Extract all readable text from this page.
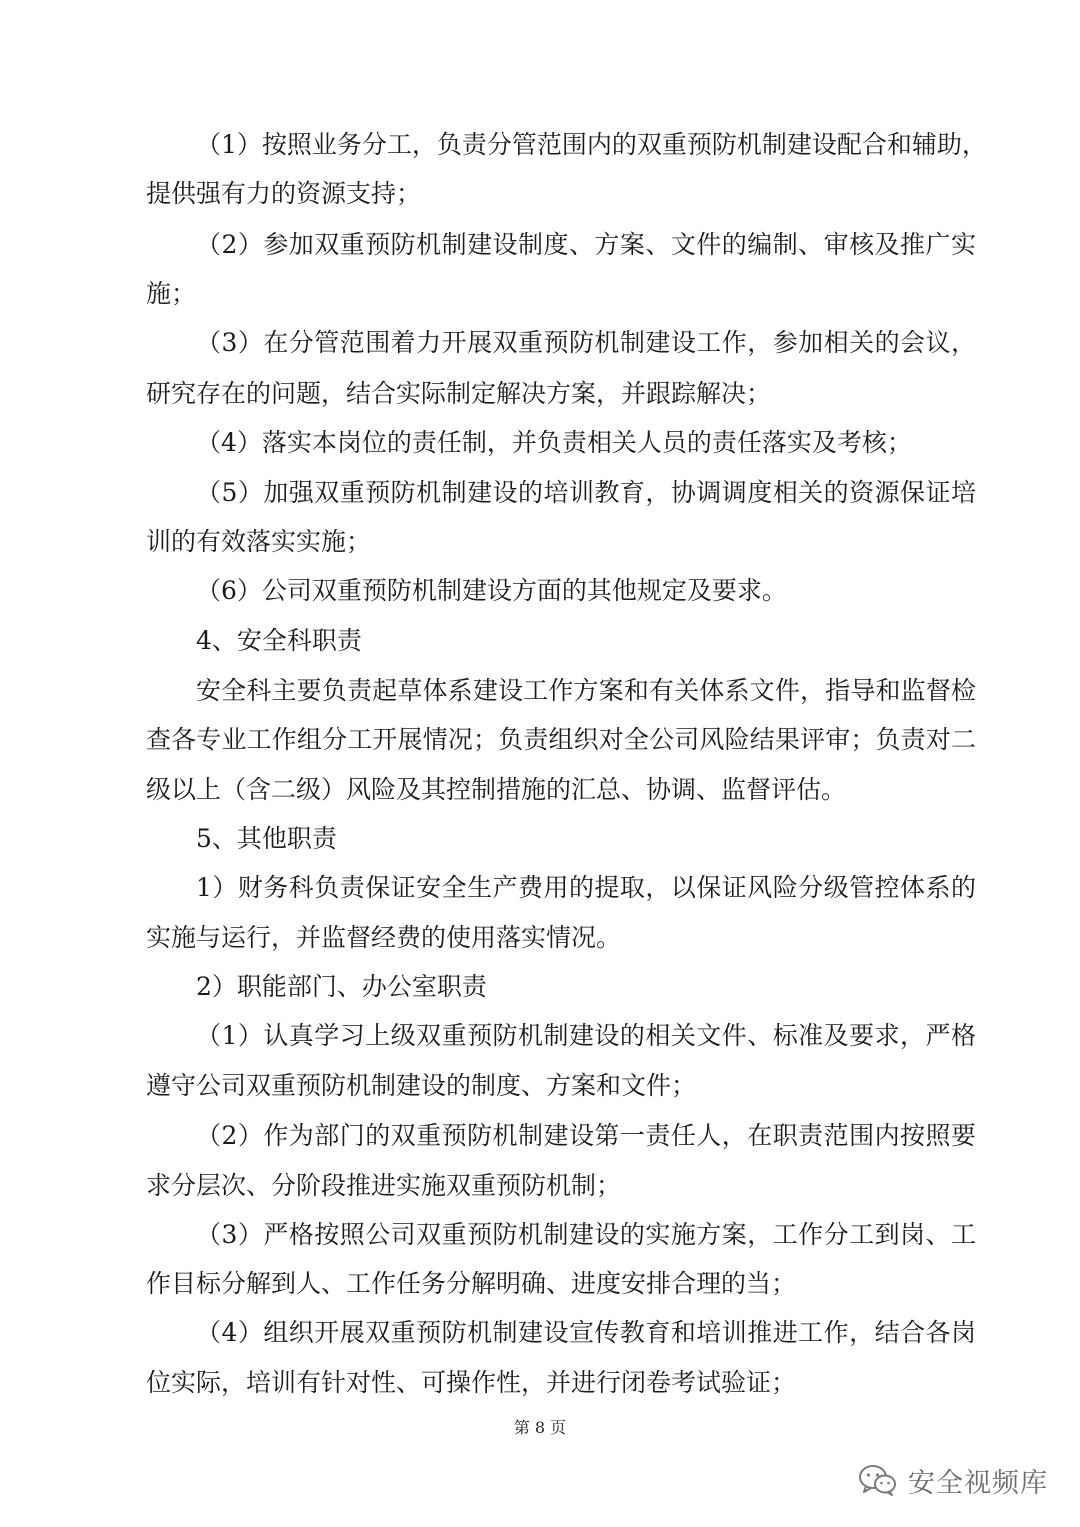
（1）按照业务分工，负责分管范围内的双重预防机制建设配合和辅助，
提供强有力的资源支持；
（2）参加双重预防机制建设制度、方案、文件的编制、审核及推广实
施；
（3）在分管范围着力开展双重预防机制建设工作，参加相关的会议，
研究存在的问题，结合实际制定解决方案，并跟踪解决；
（4）落实本岗位的责任制，并负责相关人员的责任落实及考核；
（5）加强双重预防机制建设的培训教育，协调调度相关的资源保证培
训的有效落实实施；
（6）公司双重预防机制建设方面的其他规定及要求。
4、安全科职责
安全科主要负责起草体系建设工作方案和有关体系文件，指导和监督检
查各专业工作组分工开展情况；负责组织对全公司风险结果评审；负责对二
级以上（含二级）风险及其控制措施的汇总、协调、监督评估。
5、其他职责
1）财务科负责保证安全生产费用的提取，以保证风险分级管控体系的
实施与运行，并监督经费的使用落实情况。
2）职能部门、办公室职责
（1）认真学习上级双重预防机制建设的相关文件、标准及要求，严格
遵守公司双重预防机制建设的制度、方案和文件；
（2）作为部门的双重预防机制建设第一责任人，在职责范围内按照要
求分层次、分阶段推进实施双重预防机制；
（3）严格按照公司双重预防机制建设的实施方案，工作分工到岗、工
作目标分解到人、工作任务分解明确、进度安排合理的当；
（4）组织开展双重预防机制建设宣传教育和培训推进工作，结合各岗
位实际，培训有针对性、可操作性，并进行闭卷考试验证；
第 8 页
安全视频库
